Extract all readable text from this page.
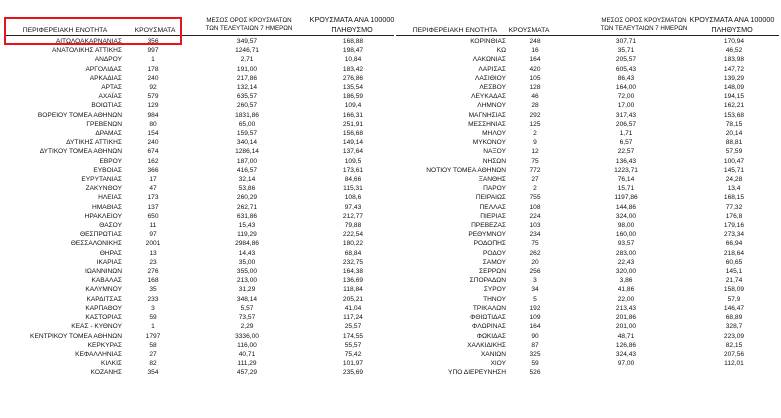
ΠΕΡΙΦΕΡΕΙΑΚΗ ΕΝΟΤΗΤΑ	ΚΡΟΥΣΜΑΤΑ
ΜΕΣΟΣ ΟΡΟΣ ΚΡΟΥΣΜΑΤΩΝ
ΤΩΝ ΤΕΛΕΥΤΑΙΩΝ 7 ΗΜΕΡΩΝ
ΚΡΟΥΣΜΑΤΑ ΑΝΑ 100000
ΠΛΗΘΥΣΜΟ	ΠΕΡΙΦΕΡΕΙΑΚΗ ΕΝΟΤΗΤΑ	ΚΡΟΥΣΜΑΤΑ
ΜΕΣΟΣ ΟΡΟΣ ΚΡΟΥΣΜΑΤΩΝ
ΤΩΝ ΤΕΛΕΥΤΑΙΩΝ 7 ΗΜΕΡΩΝ
ΚΡΟΥΣΜΑΤΑ ΑΝΑ 100000
ΠΛΗΘΥΣΜΟ
ΑΙΤΩΛΟΑΚΑΡΝΑΝΙΑΣ	356	349,57	168,88
ΑΝΑΤΟΛΙΚΗΣ ΑΤΤΙΚΗΣ	997	1246,71	198,47
ΑΝΔΡΟΥ	1	2,71	10,84
ΑΡΓΟΛΙΔΑΣ	178	191,00	183,42
ΑΡΚΑΔΙΑΣ	240	217,86	276,86
ΑΡΤΑΣ	92	132,14	135,54
ΑΧΑΪΑΣ	579	635,57	186,59
ΒΟΙΩΤΙΑΣ	129	260,57	109,4
ΒΟΡΕΙΟΥ ΤΟΜΕΑ ΑΘΗΝΩΝ	984	1831,86	166,31
ΓΡΕΒΕΝΩΝ	80	65,00	251,91
ΔΡΑΜΑΣ	154	159,57	156,68
ΔΥΤΙΚΗΣ ΑΤΤΙΚΗΣ	240	340,14	149,14
ΔΥΤΙΚΟΥ ΤΟΜΕΑ ΑΘΗΝΩΝ	674	1286,14	137,64
ΕΒΡΟΥ	162	187,00	109,5
ΕΥΒΟΙΑΣ	366	416,57	173,61
ΕΥΡΥΤΑΝΙΑΣ	17	32,14	84,66
ΖΑΚΥΝΘΟΥ	47	53,86	115,31
ΗΛΕΙΑΣ	173	260,29	108,6
ΗΜΑΘΙΑΣ	137	262,71	97,43
ΗΡΑΚΛΕΙΟΥ	650	631,86	212,77
ΘΑΣΟΥ	11	15,43	79,88
ΘΕΣΠΡΩΤΙΑΣ	97	119,29	222,54
ΘΕΣΣΑΛΟΝΙΚΗΣ	2001	2984,86	180,22
ΘΗΡΑΣ	13	14,43	68,84
ΙΚΑΡΙΑΣ	23	35,00	232,75
ΙΩΑΝΝΙΝΩΝ	276	355,00	164,38
ΚΑΒΑΛΑΣ	168	213,00	136,69
ΚΑΛΥΜΝΟΥ	35	31,29	118,84
ΚΑΡΔΙΤΣΑΣ	233	348,14	205,21
ΚΑΡΠΑΘΟΥ	3	5,57	41,04
ΚΑΣΤΟΡΙΑΣ	59	73,57	117,24
ΚΕΑΣ - ΚΥΘΝΟΥ	1	2,29	25,57
ΚΕΝΤΡΙΚΟΥ ΤΟΜΕΑ ΑΘΗΝΩΝ	1797	3336,00	174,55
ΚΕΡΚΥΡΑΣ	58	116,00	55,57
ΚΕΦΑΛΛΗΝΙΑΣ	27	40,71	75,42
ΚΙΛΚΙΣ	82	111,29	101,97
ΚΟΖΑΝΗΣ	354	457,29	235,69
ΚΟΡΙΝΘΙΑΣ	248	307,71	170,94
ΚΩ	16	35,71	46,52
ΛΑΚΩΝΙΑΣ	164	205,57	183,98
ΛΑΡΙΣΑΣ	420	605,43	147,72
ΛΑΣΙΘΙΟΥ	105	86,43	139,29
ΛΕΣΒΟΥ	128	164,00	148,09
ΛΕΥΚΑΔΑΣ	46	72,00	194,15
ΛΗΜΝΟΥ	28	17,00	162,21
ΜΑΓΝΗΣΙΑΣ	292	317,43	153,68
ΜΕΣΣΗΝΙΑΣ	125	206,57	78,15
ΜΗΛΟΥ	2	1,71	20,14
ΜΥΚΟΝΟΥ	9	6,57	88,81
ΝΑΞΟΥ	12	22,57	57,59
ΝΗΣΩΝ	75	136,43	100,47
ΝΟΤΙΟΥ ΤΟΜΕΑ ΑΘΗΝΩΝ	772	1223,71	145,71
ΞΑΝΘΗΣ	27	76,14	24,28
ΠΑΡΟΥ	2	15,71	13,4
ΠΕΙΡΑΙΩΣ	755	1197,86	168,15
ΠΕΛΛΑΣ	108	144,86	77,32
ΠΙΕΡΙΑΣ	224	324,00	176,8
ΠΡΕΒΕΖΑΣ	103	98,00	179,16
ΡΕΘΥΜΝΟΥ	234	160,00	273,34
ΡΟΔΟΠΗΣ	75	93,57	66,94
ΡΟΔΟΥ	262	283,00	218,64
ΣΑΜΟΥ	20	22,43	60,65
ΣΕΡΡΩΝ	256	320,00	145,1
ΣΠΟΡΑΔΩΝ	3	3,86	21,74
ΣΥΡΟΥ	34	41,86	158,09
ΤΗΝΟΥ	5	22,00	57,9
ΤΡΙΚΑΛΩΝ	192	213,43	146,47
ΦΘΙΩΤΙΔΑΣ	109	201,86	68,89
ΦΛΩΡΙΝΑΣ	164	201,00	328,7
ΦΩΚΙΔΑΣ	90	48,71	223,09
ΧΑΛΚΙΔΙΚΗΣ	87	126,86	82,15
ΧΑΝΙΩΝ	325	324,43	207,56
ΧΙΟΥ	59	97,00	112,01
ΥΠΟ ΔΙΕΡΕΥΝΗΣΗ	526		
